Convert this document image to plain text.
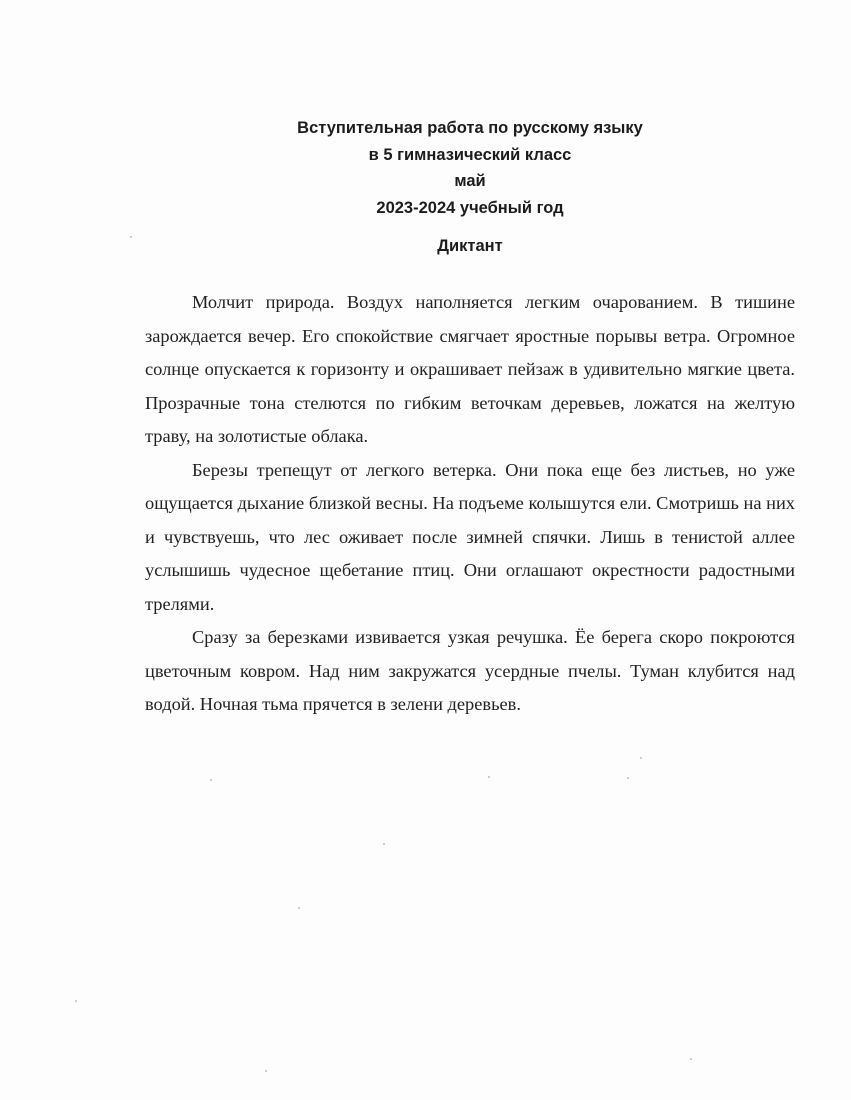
Вступительная работа по русскому языку
в 5 гимназический класс
май
2023-2024 учебный год
Диктант

Молчит природа. Воздух наполняется легким очарованием. В тишине зарождается вечер. Его спокойствие смягчает яростные порывы ветра. Огромное солнце опускается к горизонту и окрашивает пейзаж в удивительно мягкие цвета. Прозрачные тона стелются по гибким веточкам деревьев, ложатся на желтую траву, на золотистые облака.

Березы трепещут от легкого ветерка. Они пока еще без листьев, но уже ощущается дыхание близкой весны. На подъеме колышутся ели. Смотришь на них и чувствуешь, что лес оживает после зимней спячки. Лишь в тенистой аллее услышишь чудесное щебетание птиц. Они оглашают окрестности радостными трелями.

Сразу за березками извивается узкая речушка. Ёе берега скоро покроются цветочным ковром. Над ним закружатся усердные пчелы. Туман клубится над водой. Ночная тьма прячется в зелени деревьев.
